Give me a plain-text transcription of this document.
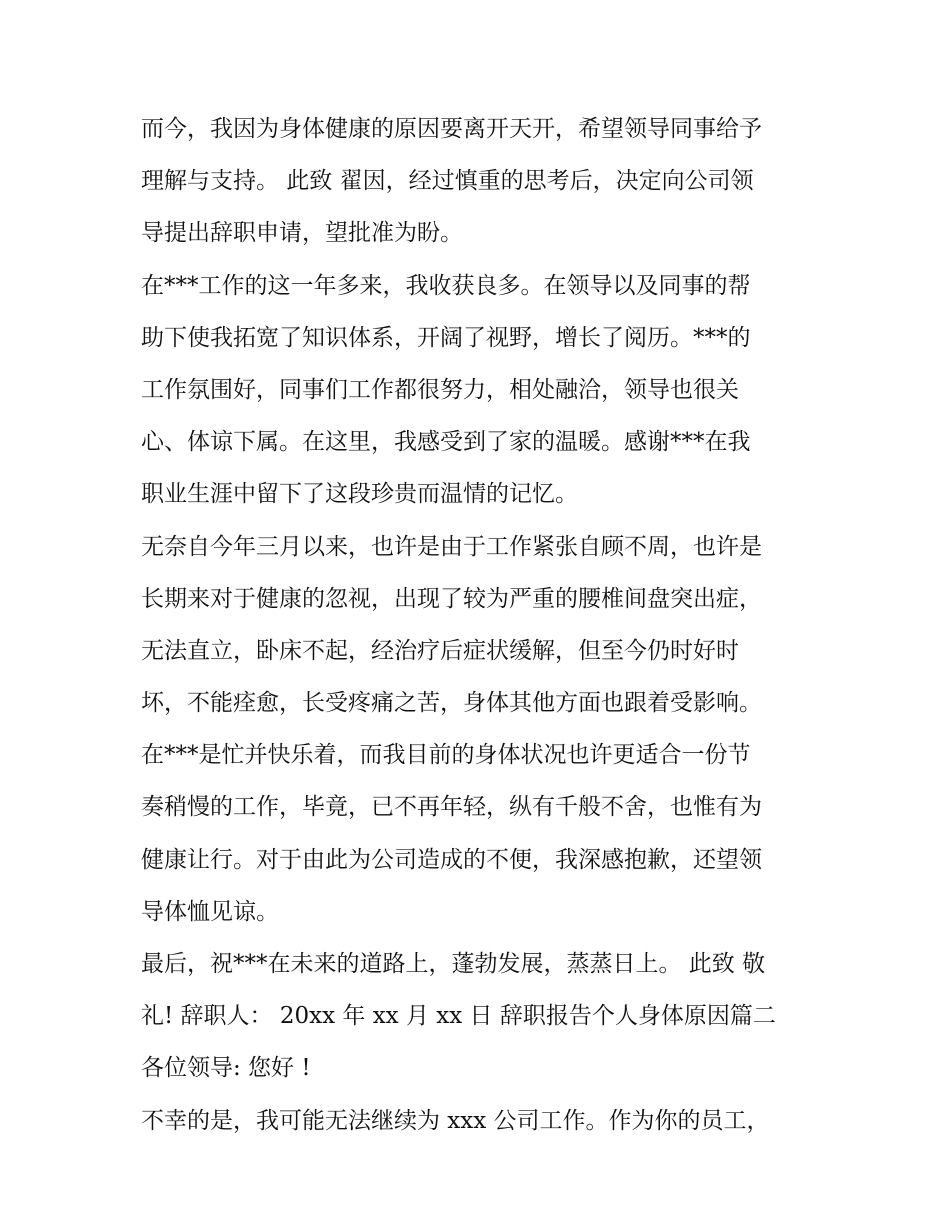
而今，我因为身体健康的原因要离开天开，希望领导同事给予
理解与支持。 此致 翟因，经过慎重的思考后，决定向公司领
导提出辞职申请，望批准为盼。
在***工作的这一年多来，我收获良多。在领导以及同事的帮
助下使我拓宽了知识体系，开阔了视野，增长了阅历。***的
工作氛围好，同事们工作都很努力，相处融洽，领导也很关
心、体谅下属。在这里，我感受到了家的温暖。感谢***在我
职业生涯中留下了这段珍贵而温情的记忆。
无奈自今年三月以来，也许是由于工作紧张自顾不周，也许是
长期来对于健康的忽视，出现了较为严重的腰椎间盘突出症，
无法直立，卧床不起，经治疗后症状缓解，但至今仍时好时
坏，不能痊愈，长受疼痛之苦，身体其他方面也跟着受影响。
在***是忙并快乐着，而我目前的身体状况也许更适合一份节
奏稍慢的工作，毕竟，已不再年轻，纵有千般不舍，也惟有为
健康让行。对于由此为公司造成的不便，我深感抱歉，还望领
导体恤见谅。
最后，祝***在未来的道路上，蓬勃发展，蒸蒸日上。 此致 敬
礼! 辞职人： 20xx 年 xx 月 xx 日 辞职报告个人身体原因篇二
各位领导: 您好 !
不幸的是，我可能无法继续为 xxx 公司工作。作为你的员工，
